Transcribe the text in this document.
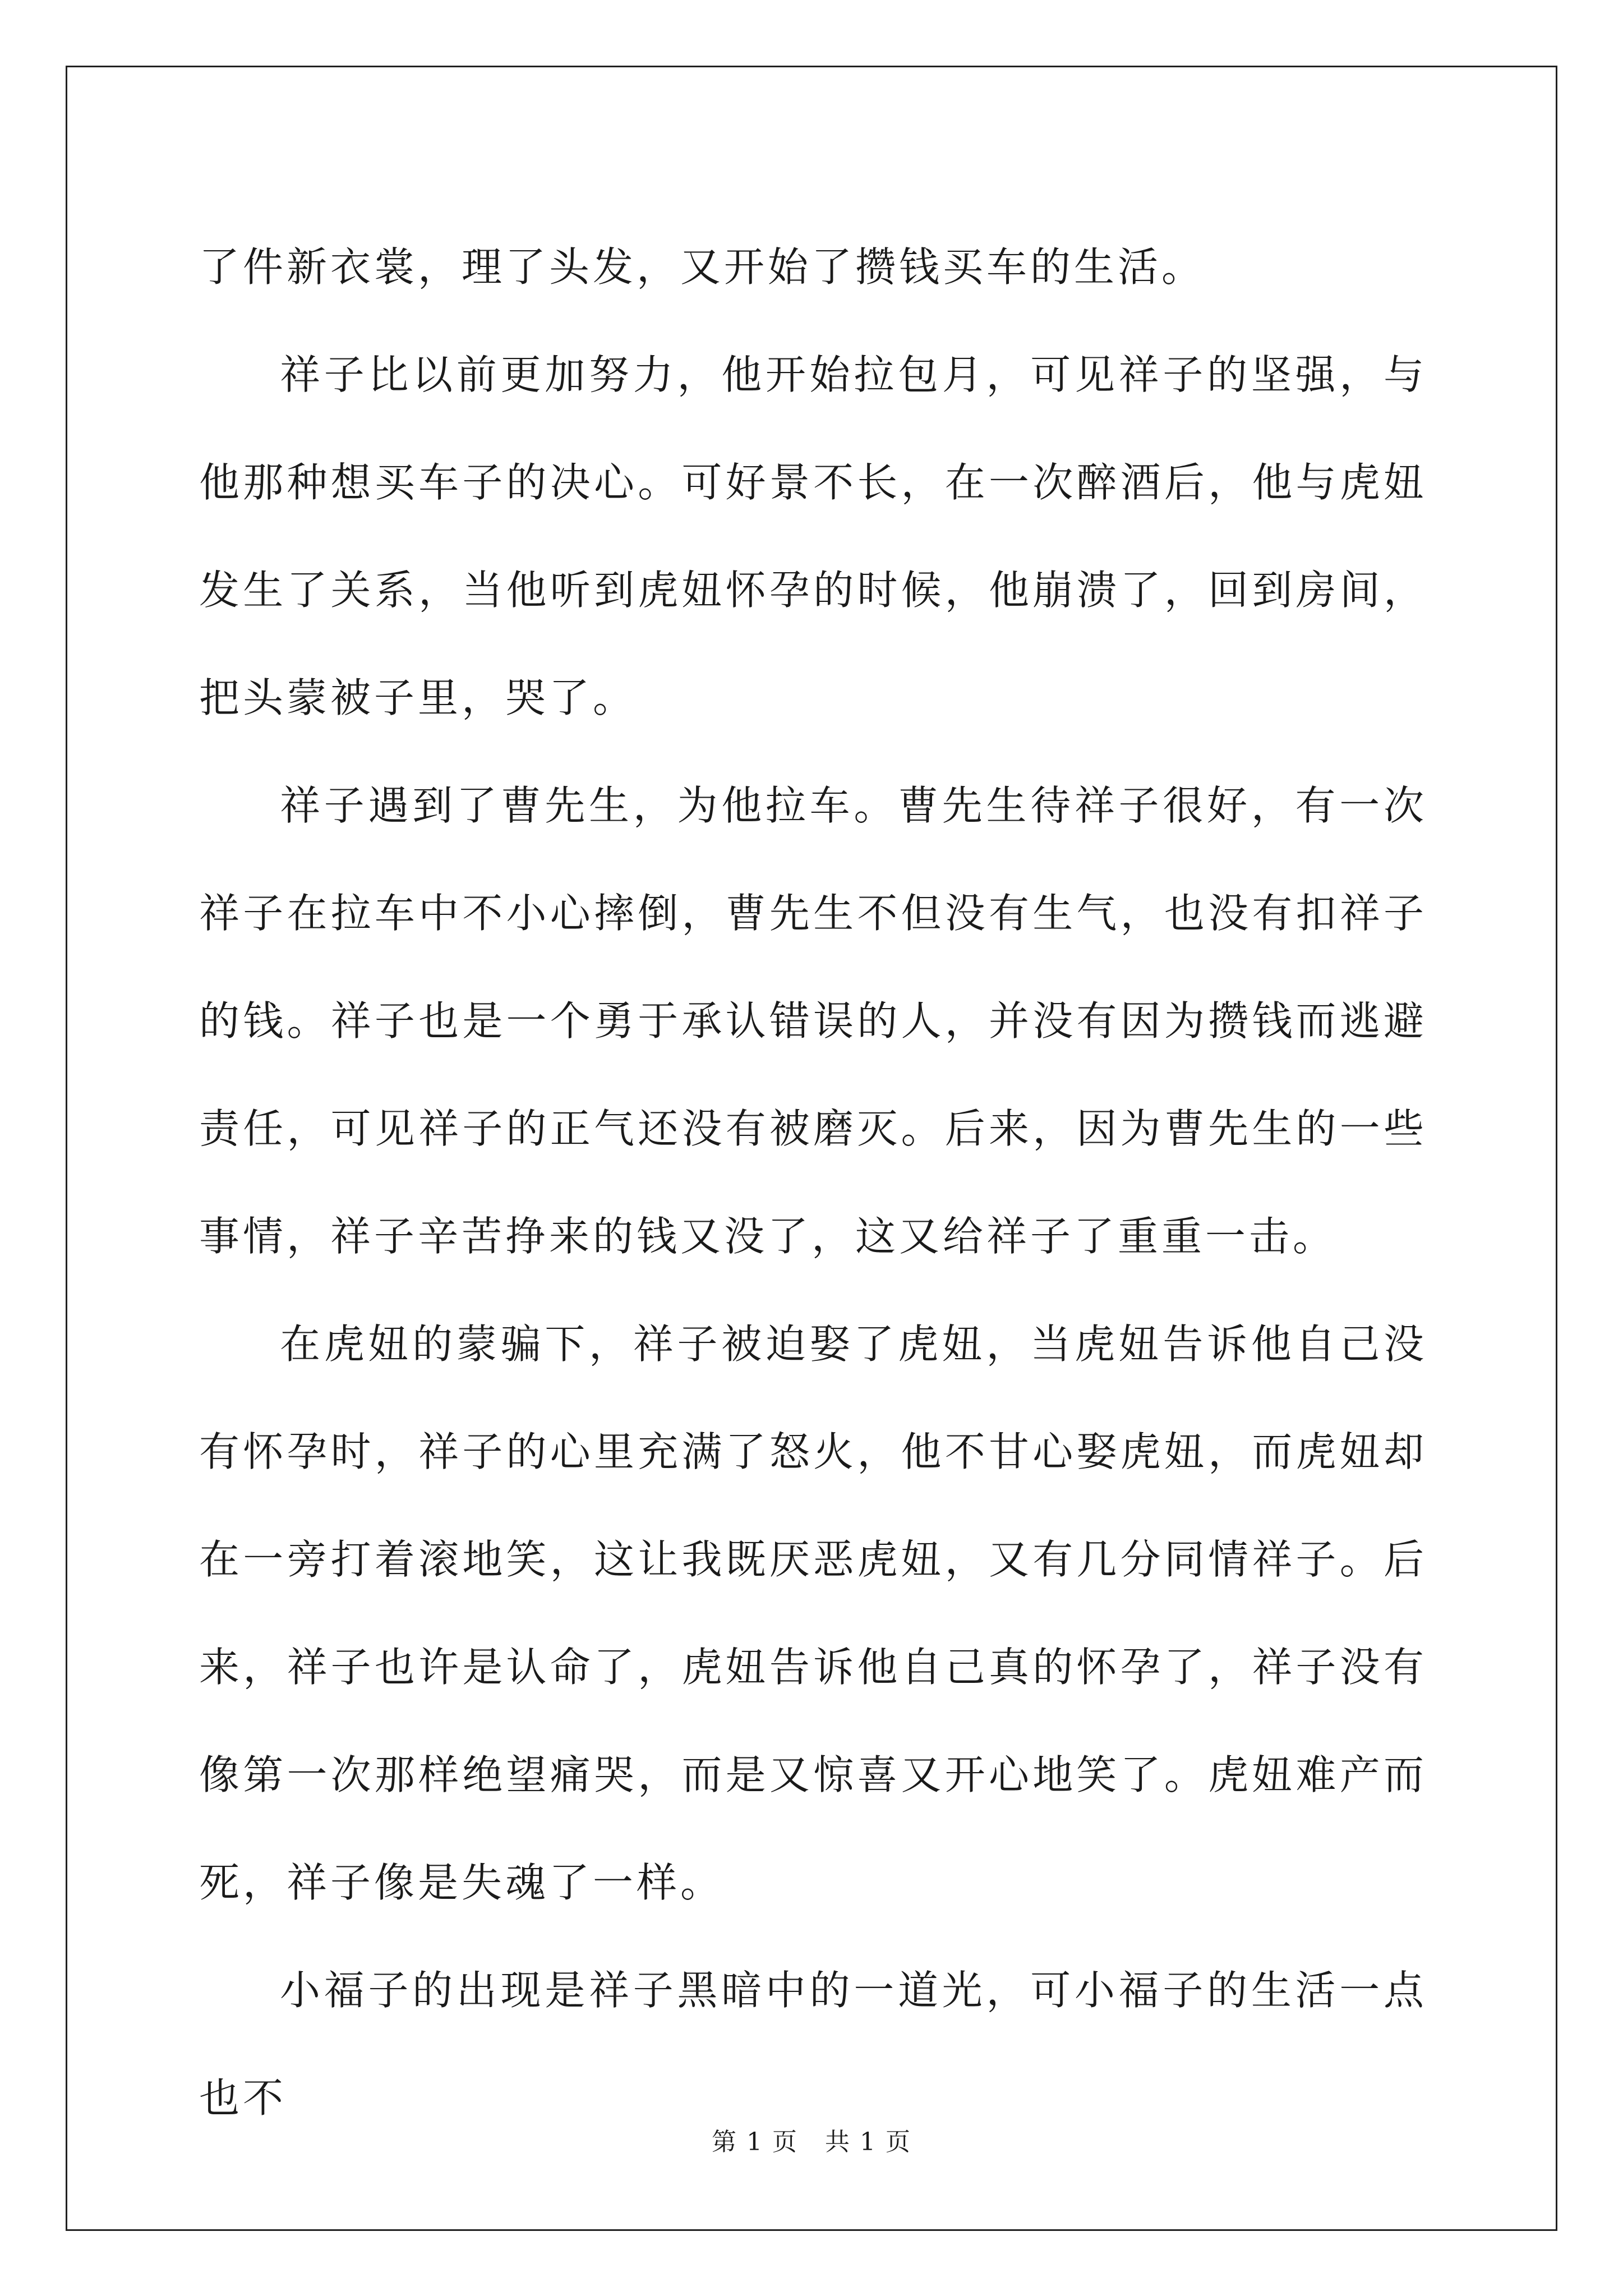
了件新衣裳，理了头发，又开始了攒钱买车的生活。

祥子比以前更加努力，他开始拉包月，可见祥子的坚强，与他那种想买车子的决心。可好景不长，在一次醉酒后，他与虎妞发生了关系，当他听到虎妞怀孕的时候，他崩溃了，回到房间，把头蒙被子里，哭了。

祥子遇到了曹先生，为他拉车。曹先生待祥子很好，有一次祥子在拉车中不小心摔倒，曹先生不但没有生气，也没有扣祥子的钱。祥子也是一个勇于承认错误的人，并没有因为攒钱而逃避责任，可见祥子的正气还没有被磨灭。后来，因为曹先生的一些事情，祥子辛苦挣来的钱又没了，这又给祥子了重重一击。

在虎妞的蒙骗下，祥子被迫娶了虎妞，当虎妞告诉他自己没有怀孕时，祥子的心里充满了怒火，他不甘心娶虎妞，而虎妞却在一旁打着滚地笑，这让我既厌恶虎妞，又有几分同情祥子。后来，祥子也许是认命了，虎妞告诉他自己真的怀孕了，祥子没有像第一次那样绝望痛哭，而是又惊喜又开心地笑了。虎妞难产而死，祥子像是失魂了一样。

小福子的出现是祥子黑暗中的一道光，可小福子的生活一点也不

第 1 页 共 1 页
